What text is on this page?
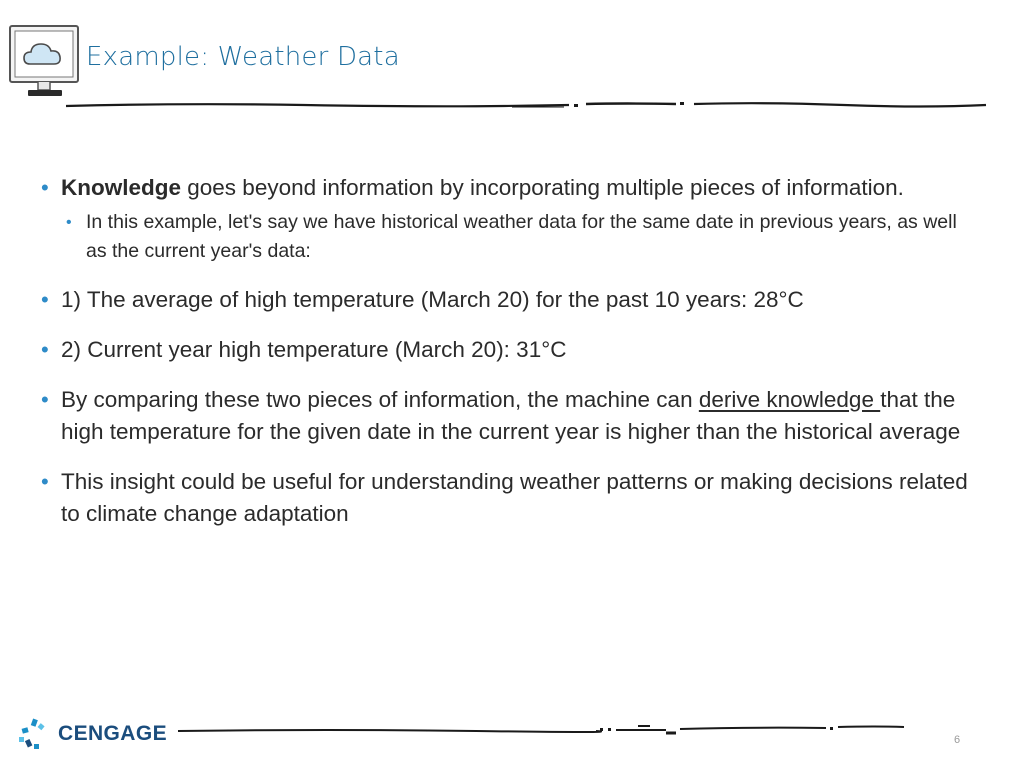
Example: Weather Data
• Knowledge goes beyond information by incorporating multiple pieces of information.
• In this example, let's say we have historical weather data for the same date in previous years, as well as the current year's data:
• 1) The average of high temperature (March 20) for the past 10 years: 28°C
• 2) Current year high temperature (March 20): 31°C
• By comparing these two pieces of information, the machine can derive knowledge that the high temperature for the given date in the current year is higher than the historical average
• This insight could be useful for understanding weather patterns or making decisions related to climate change adaptation
CENGAGE	6
